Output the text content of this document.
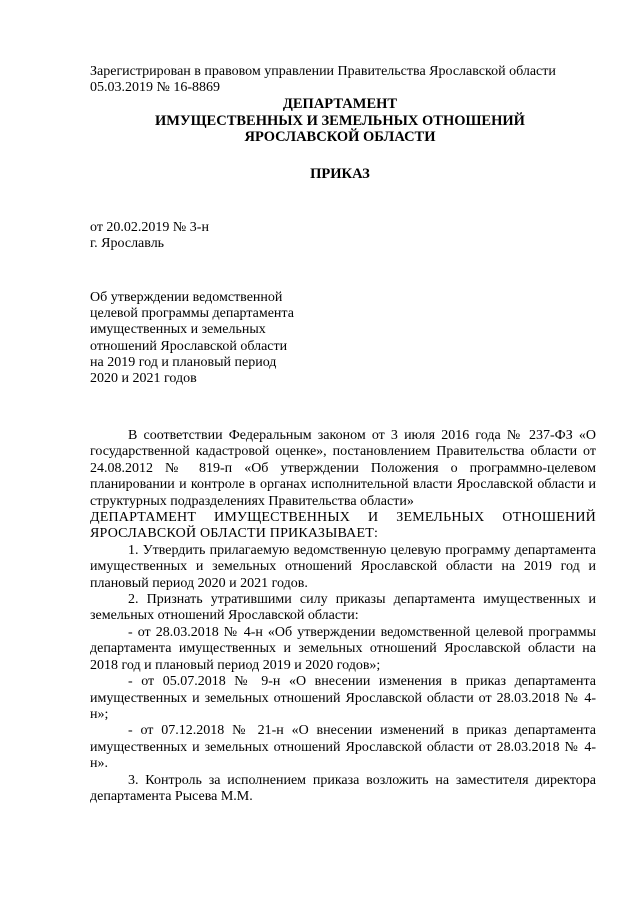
Зарегистрирован в правовом управлении Правительства Ярославской области
05.03.2019 № 16-8869
ДЕПАРТАМЕНТ
ИМУЩЕСТВЕННЫХ И ЗЕМЕЛЬНЫХ ОТНОШЕНИЙ
ЯРОСЛАВСКОЙ ОБЛАСТИ
ПРИКАЗ
от 20.02.2019 № 3-н
г. Ярославль
Об утверждении ведомственной
целевой программы департамента
имущественных и земельных
отношений Ярославской области
на 2019 год и плановый период
2020 и 2021 годов

В соответствии Федеральным законом от 3 июля 2016 года № 237-ФЗ «О государственной кадастровой оценке», постановлением Правительства области от 24.08.2012 № 819-п «Об утверждении Положения о программно-целевом планировании и контроле в органах исполнительной власти Ярославской области и структурных подразделениях Правительства области»

ДЕПАРТАМЕНТ ИМУЩЕСТВЕННЫХ И ЗЕМЕЛЬНЫХ ОТНОШЕНИЙ ЯРОСЛАВСКОЙ ОБЛАСТИ ПРИКАЗЫВАЕТ:

1. Утвердить прилагаемую ведомственную целевую программу департамента имущественных и земельных отношений Ярославской области на 2019 год и плановый период 2020 и 2021 годов.

2. Признать утратившими силу приказы департамента имущественных и земельных отношений Ярославской области:

- от 28.03.2018 № 4-н «Об утверждении ведомственной целевой программы департамента имущественных и земельных отношений Ярославской области на 2018 год и плановый период 2019 и 2020 годов»;

- от 05.07.2018 № 9-н «О внесении изменения в приказ департамента имущественных и земельных отношений Ярославской области от 28.03.2018 № 4-н»;

- от 07.12.2018 № 21-н «О внесении изменений в приказ департамента имущественных и земельных отношений Ярославской области от 28.03.2018 № 4-н».

3. Контроль за исполнением приказа возложить на заместителя директора департамента Рысева М.М.
